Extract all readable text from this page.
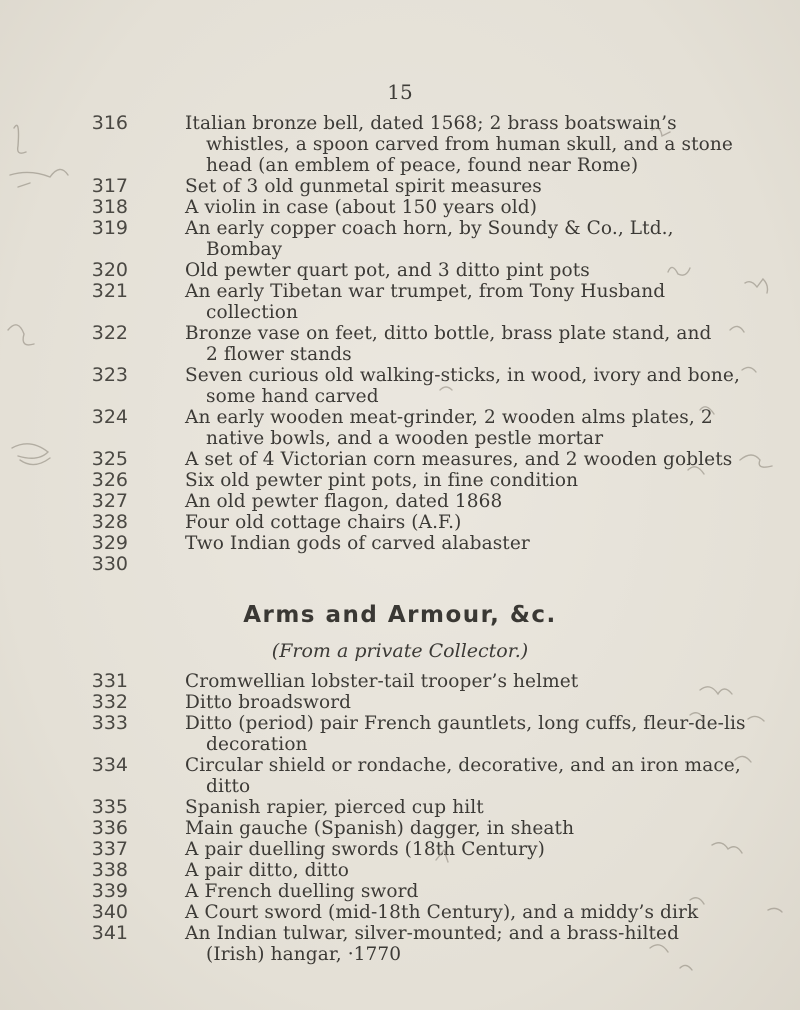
15
316	Italian bronze bell, dated 1568; 2 brass boatswain’s
whistles, a spoon carved from human skull, and a stone
head (an emblem of peace, found near Rome)
317	Set of 3 old gunmetal spirit measures
318	A violin in case (about 150 years old)
319	An early copper coach horn, by Soundy & Co., Ltd.,
Bombay
320	Old pewter quart pot, and 3 ditto pint pots
321	An early Tibetan war trumpet, from Tony Husband
collection
322	Bronze vase on feet, ditto bottle, brass plate stand, and
2 flower stands
323	Seven curious old walking-sticks, in wood, ivory and bone,
some hand carved
324	An early wooden meat-grinder, 2 wooden alms plates, 2
native bowls, and a wooden pestle mortar
325	A set of 4 Victorian corn measures, and 2 wooden goblets
326	Six old pewter pint pots, in fine condition
327	An old pewter flagon, dated 1868
328	Four old cottage chairs (A.F.)
329	Two Indian gods of carved alabaster
330
Arms and Armour, &c.
(From a private Collector.)
331	Cromwellian lobster-tail trooper’s helmet
332	Ditto broadsword
333	Ditto (period) pair French gauntlets, long cuffs, fleur-de-lis
decoration
334	Circular shield or rondache, decorative, and an iron mace,
ditto
335	Spanish rapier, pierced cup hilt
336	Main gauche (Spanish) dagger, in sheath
337	A pair duelling swords (18th Century)
338	A pair ditto, ditto
339	A French duelling sword
340	A Court sword (mid-18th Century), and a middy’s dirk
341	An Indian tulwar, silver-mounted; and a brass-hilted
(Irish) hangar, ·1770
